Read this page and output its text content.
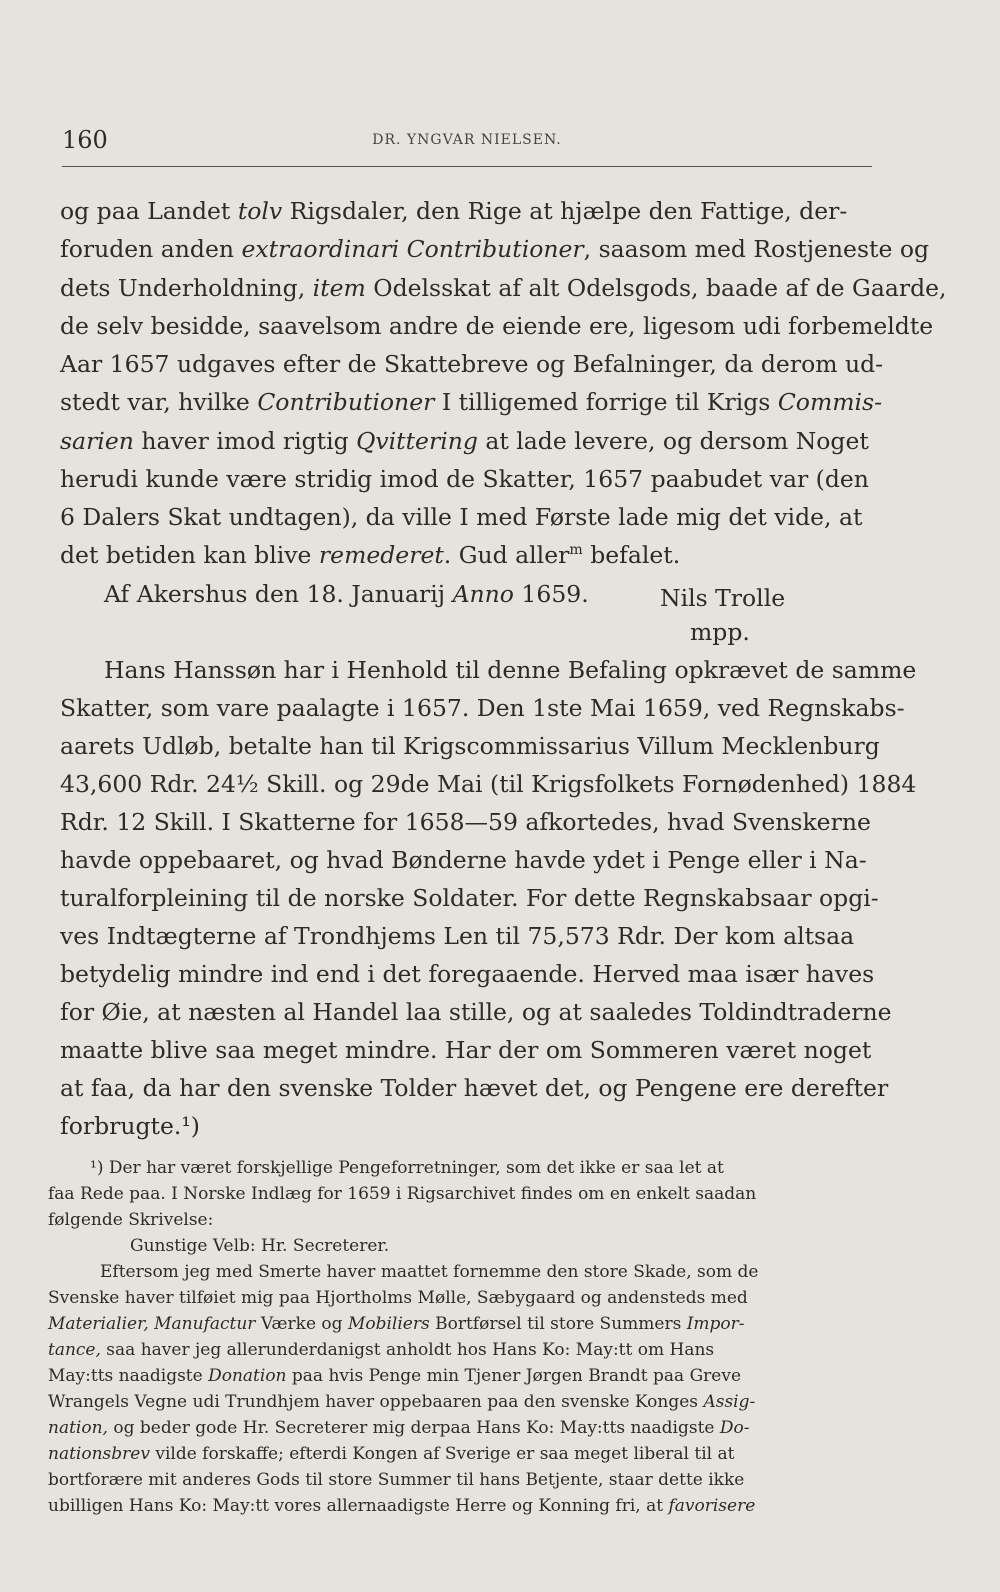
160	DR. YNGVAR NIELSEN.
og paa Landet tolv Rigsdaler, den Rige at hjælpe den Fattige, der-
foruden anden extraordinari Contributioner, saasom med Rostjeneste og
dets Underholdning, item Odelsskat af alt Odelsgods, baade af de Gaarde,
de selv besidde, saavelsom andre de eiende ere, ligesom udi forbemeldte
Aar 1657 udgaves efter de Skattebreve og Befalninger, da derom ud-
stedt var, hvilke Contributioner I tilligemed forrige til Krigs Commis-
sarien haver imod rigtig Qvittering at lade levere, og dersom Noget
herudi kunde være stridig imod de Skatter, 1657 paabudet var (den
6 Dalers Skat undtagen), da ville I med Første lade mig det vide, at
det betiden kan blive remederet. Gud aller$^m$ befalet.
Af Akershus den 18. Januarij Anno 1659.	Nils Trolle
mpp.
Hans Hanssøn har i Henhold til denne Befaling opkrævet de samme
Skatter, som vare paalagte i 1657. Den 1ste Mai 1659, ved Regnskabs-
aarets Udløb, betalte han til Krigscommissarius Villum Mecklenburg
43,600 Rdr. 24½ Skill. og 29de Mai (til Krigsfolkets Fornødenhed) 1884
Rdr. 12 Skill. I Skatterne for 1658—59 afkortedes, hvad Svenskerne
havde oppebaaret, og hvad Bønderne havde ydet i Penge eller i Na-
turalforpleining til de norske Soldater. For dette Regnskabsaar opgi-
ves Indtægterne af Trondhjems Len til 75,573 Rdr. Der kom altsaa
betydelig mindre ind end i det foregaaende. Herved maa især haves
for Øie, at næsten al Handel laa stille, og at saaledes Toldindtraderne
maatte blive saa meget mindre. Har der om Sommeren været noget
at faa, da har den svenske Tolder hævet det, og Pengene ere derefter
forbrugte.¹)
¹) Der har været forskjellige Pengeforretninger, som det ikke er saa let at
faa Rede paa. I Norske Indlæg for 1659 i Rigsarchivet findes om en enkelt saadan
følgende Skrivelse:
Gunstige Velb: Hr. Secreterer.
Eftersom jeg med Smerte haver maattet fornemme den store Skade, som de
Svenske haver tilføiet mig paa Hjortholms Mølle, Sæbygaard og andensteds med
Materialier, Manufactur Værke og Mobiliers Bortførsel til store Summers Impor-
tance, saa haver jeg allerunderdanigst anholdt hos Hans Ko: May:tt om Hans
May:tts naadigste Donation paa hvis Penge min Tjener Jørgen Brandt paa Greve
Wrangels Vegne udi Trundhjem haver oppebaaren paa den svenske Konges Assig-
nation, og beder gode Hr. Secreterer mig derpaa Hans Ko: May:tts naadigste Do-
nationsbrev vilde forskaffe; efterdi Kongen af Sverige er saa meget liberal til at
bortforære mit anderes Gods til store Summer til hans Betjente, staar dette ikke
ubilligen Hans Ko: May:tt vores allernaadigste Herre og Konning fri, at favorisere
